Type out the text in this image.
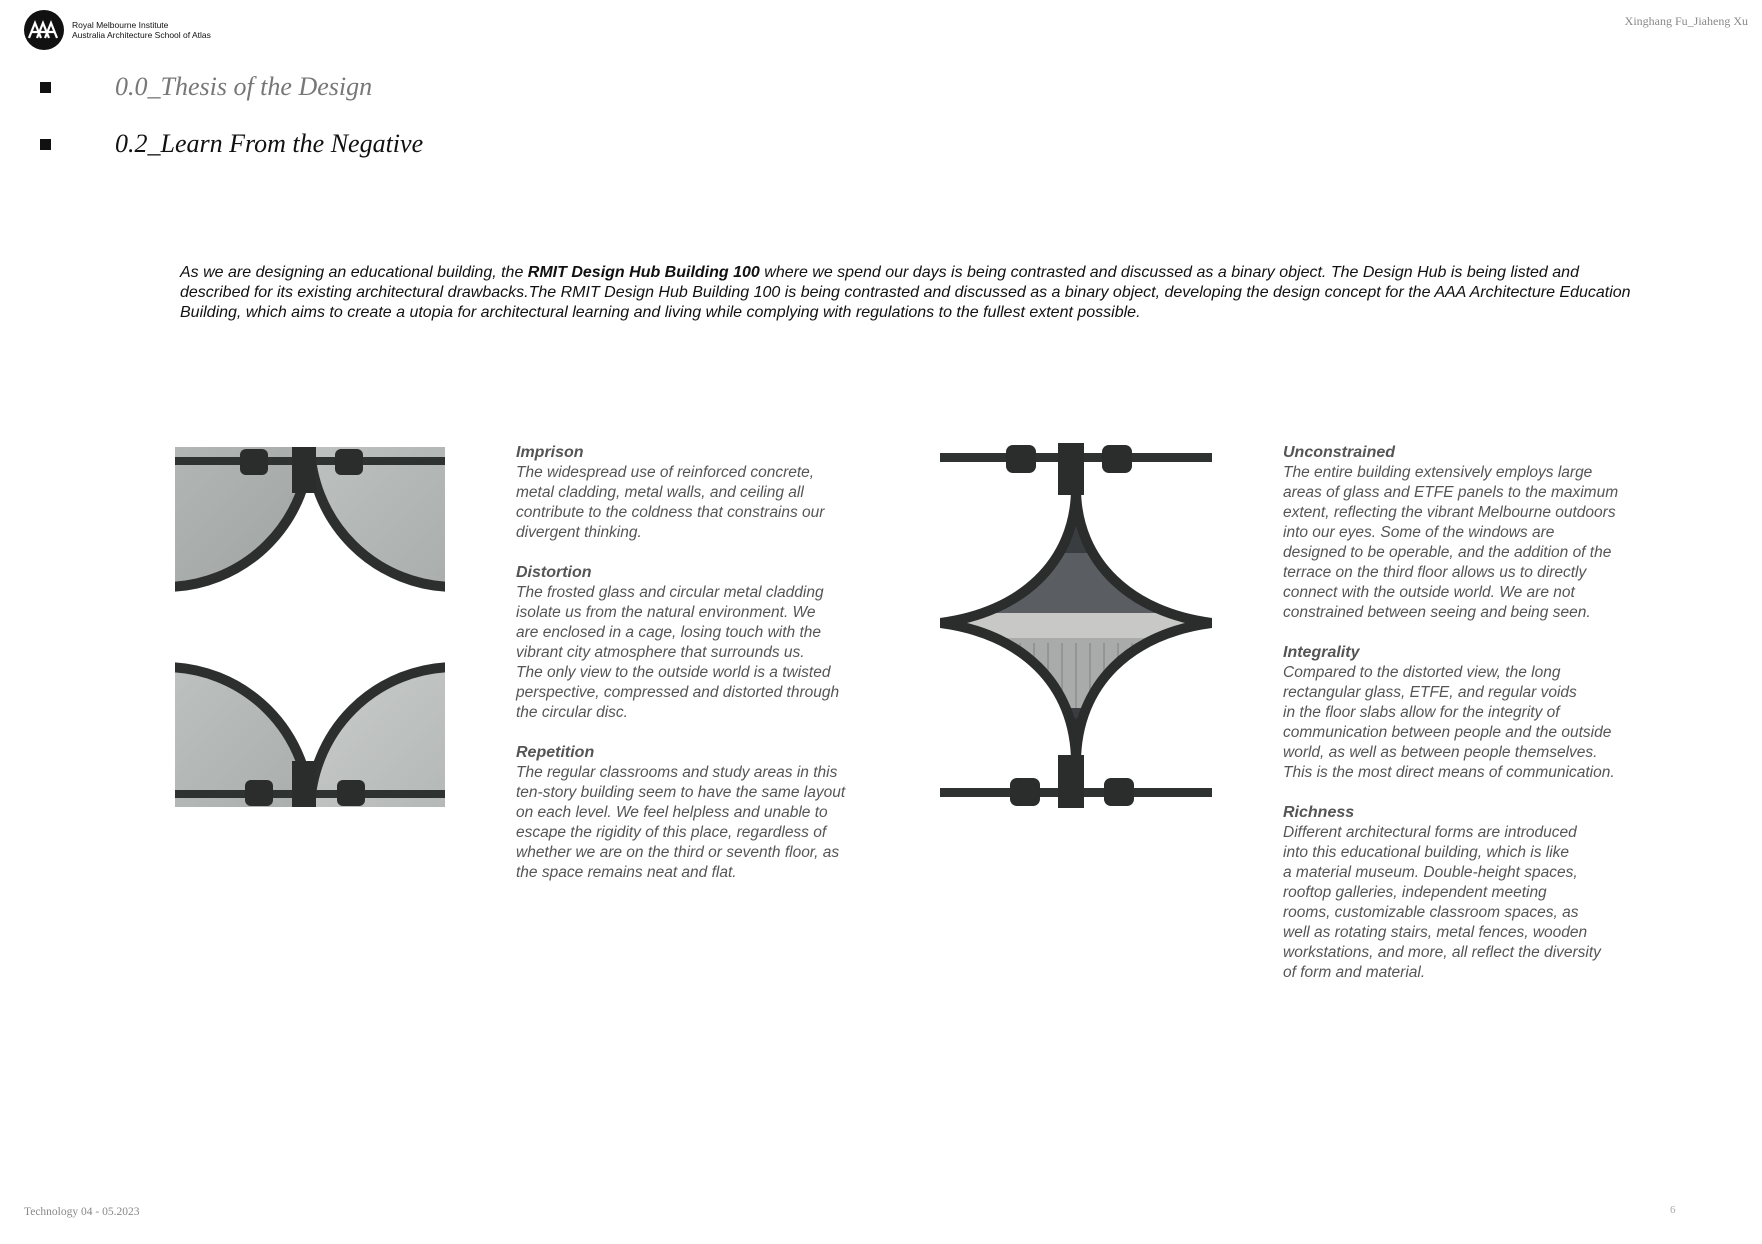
Royal Melbourne Institute
Australia Architecture School of Atlas
Xinghang Fu_Jiaheng Xu
0.0_Thesis of the Design
0.2_Learn From the Negative
As we are designing an educational building, the RMIT Design Hub Building 100 where we spend our days is being contrasted and discussed as a binary object. The Design Hub is being listed and described for its existing architectural drawbacks.The RMIT Design Hub Building 100 is being contrasted and discussed as a binary object, developing the design concept for the AAA Architecture Education Building, which aims to create a utopia for architectural learning and living while complying with regulations to the fullest extent possible.

Imprison
The widespread use of reinforced concrete,
metal cladding, metal walls, and ceiling all
contribute to the coldness that constrains our
divergent thinking.
Distortion
The frosted glass and circular metal cladding
isolate us from the natural environment. We
are enclosed in a cage, losing touch with the
vibrant city atmosphere that surrounds us.
The only view to the outside world is a twisted
perspective, compressed and distorted through
the circular disc.
Repetition
The regular classrooms and study areas in this
ten-story building seem to have the same layout
on each level. We feel helpless and unable to
escape the rigidity of this place, regardless of
whether we are on the third or seventh floor, as
the space remains neat and flat.
Unconstrained
The entire building extensively employs large
areas of glass and ETFE panels to the maximum
extent, reflecting the vibrant Melbourne outdoors
into our eyes. Some of the windows are
designed to be operable, and the addition of the
terrace on the third floor allows us to directly
connect with the outside world. We are not
constrained between seeing and being seen.
Integrality
Compared to the distorted view, the long
rectangular glass, ETFE, and regular voids
in the floor slabs allow for the integrity of
communication between people and the outside
world, as well as between people themselves.
This is the most direct means of communication.
Richness
Different architectural forms are introduced
into this educational building, which is like
a material museum. Double-height spaces,
rooftop galleries, independent meeting
rooms, customizable classroom spaces, as
well as rotating stairs, metal fences, wooden
workstations, and more, all reflect the diversity
of form and material.
Technology 04 - 05.2023	6
